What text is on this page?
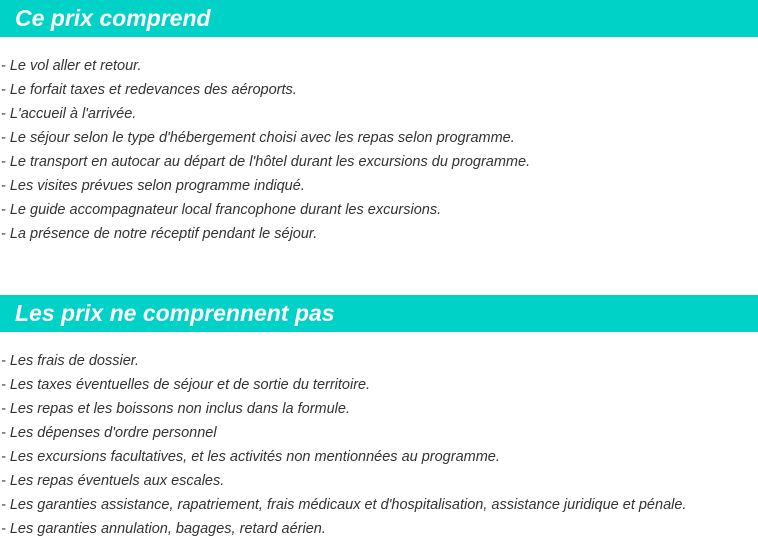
Ce prix comprend
- Le vol aller et retour.
- Le forfait taxes et redevances des aéroports.
- L'accueil à l'arrivée.
- Le séjour selon le type d'hébergement choisi avec les repas selon programme.
- Le transport en autocar au départ de l'hôtel durant les excursions du programme.
- Les visites prévues selon programme indiqué.
- Le guide accompagnateur local francophone durant les excursions.
- La présence de notre réceptif pendant le séjour.
Les prix ne comprennent pas
- Les frais de dossier.
- Les taxes éventuelles de séjour et de sortie du territoire.
- Les repas et les boissons non inclus dans la formule.
- Les dépenses d'ordre personnel
- Les excursions facultatives, et les activités non mentionnées au programme.
- Les repas éventuels aux escales.
- Les garanties assistance, rapatriement, frais médicaux et d'hospitalisation, assistance juridique et pénale.
- Les garanties annulation, bagages, retard aérien.
